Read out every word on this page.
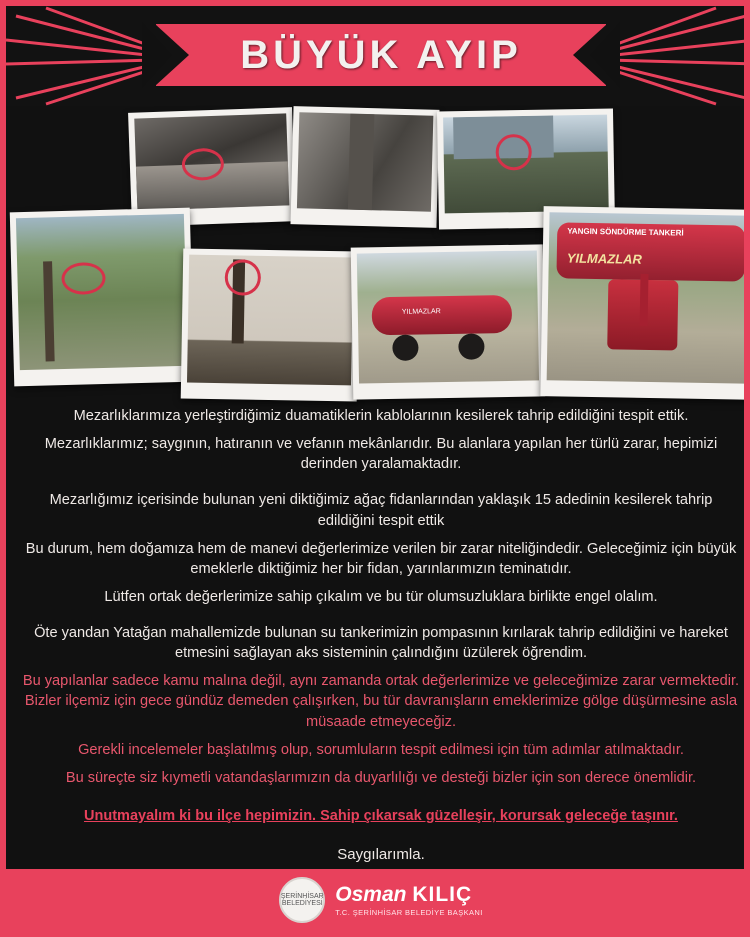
BÜYÜK AYIP
YILMAZLAR
YANGIN SÖNDÜRME TANKERİ
YILMAZLAR

Mezarlıklarımıza yerleştirdiğimiz duamatiklerin kablolarının kesilerek tahrip edildiğini tespit ettik.

Mezarlıklarımız; saygının, hatıranın ve vefanın mekânlarıdır. Bu alanlara yapılan her türlü zarar, hepimizi derinden yaralamaktadır.

Mezarlığımız içerisinde bulunan yeni diktiğimiz ağaç fidanlarından yaklaşık 15 adedinin kesilerek tahrip edildiğini tespit ettik

Bu durum, hem doğamıza hem de manevi değerlerimize verilen bir zarar niteliğindedir. Geleceğimiz için büyük emeklerle diktiğimiz her bir fidan, yarınlarımızın teminatıdır.

Lütfen ortak değerlerimize sahip çıkalım ve bu tür olumsuzluklara birlikte engel olalım.

Öte yandan Yatağan mahallemizde bulunan su tankerimizin pompasının kırılarak tahrip edildiğini ve hareket etmesini sağlayan aks sisteminin çalındığını üzülerek öğrendim.

Bu yapılanlar sadece kamu malına değil, aynı zamanda ortak değerlerimize ve geleceğimize zarar vermektedir. Bizler ilçemiz için gece gündüz demeden çalışırken, bu tür davranışların emeklerimize gölge düşürmesine asla müsaade etmeyeceğiz.

Gerekli incelemeler başlatılmış olup, sorumluların tespit edilmesi için tüm adımlar atılmaktadır.

Bu süreçte siz kıymetli vatandaşlarımızın da duyarlılığı ve desteği bizler için son derece önemlidir.

Unutmayalım ki bu ilçe hepimizin. Sahip çıkarsak güzelleşir, korursak geleceğe taşınır.

Saygılarımla.

ŞERİNHİSAR BELEDİYESİ Osman KILIÇ
T.C. ŞERİNHİSAR BELEDİYE BAŞKANI
